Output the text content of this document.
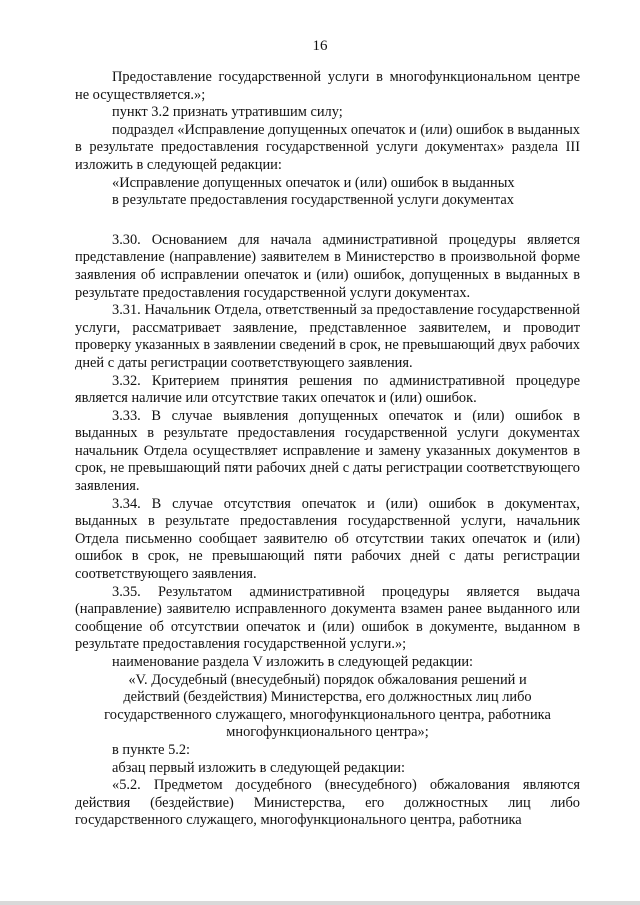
16

Предоставление государственной услуги в многофункциональном центре не осуществляется.»;

пункт 3.2 признать утратившим силу;

подраздел «Исправление допущенных опечаток и (или) ошибок в выданных в результате предоставления государственной услуги документах» раздела III изложить в следующей редакции:

«Исправление допущенных опечаток и (или) ошибок в выданных

в результате предоставления государственной услуги документах

3.30. Основанием для начала административной процедуры является представление (направление) заявителем в Министерство в произвольной форме заявления об исправлении опечаток и (или) ошибок, допущенных в выданных в результате предоставления государственной услуги документах.

3.31. Начальник Отдела, ответственный за предоставление государственной услуги, рассматривает заявление, представленное заявителем, и проводит проверку указанных в заявлении сведений в срок, не превышающий двух рабочих дней с даты регистрации соответствующего заявления.

3.32. Критерием принятия решения по административной процедуре является наличие или отсутствие таких опечаток и (или) ошибок.

3.33. В случае выявления допущенных опечаток и (или) ошибок в выданных в результате предоставления государственной услуги документах начальник Отдела осуществляет исправление и замену указанных документов в срок, не превышающий пяти рабочих дней с даты регистрации соответствующего заявления.

3.34. В случае отсутствия опечаток и (или) ошибок в документах, выданных в результате предоставления государственной услуги, начальник Отдела письменно сообщает заявителю об отсутствии таких опечаток и (или) ошибок в срок, не превышающий пяти рабочих дней с даты регистрации соответствующего заявления.

3.35. Результатом административной процедуры является выдача (направление) заявителю исправленного документа взамен ранее выданного или сообщение об отсутствии опечаток и (или) ошибок в документе, выданном в результате предоставления государственной услуги.»;

наименование раздела V изложить в следующей редакции:

«V. Досудебный (внесудебный) порядок обжалования решений и

действий (бездействия) Министерства, его должностных лиц либо

государственного служащего, многофункционального центра, работника

многофункционального центра»;

в пункте 5.2:

абзац первый изложить в следующей редакции:

«5.2. Предметом досудебного (внесудебного) обжалования являются действия (бездействие) Министерства, его должностных лиц либо государственного служащего, многофункционального центра, работника
